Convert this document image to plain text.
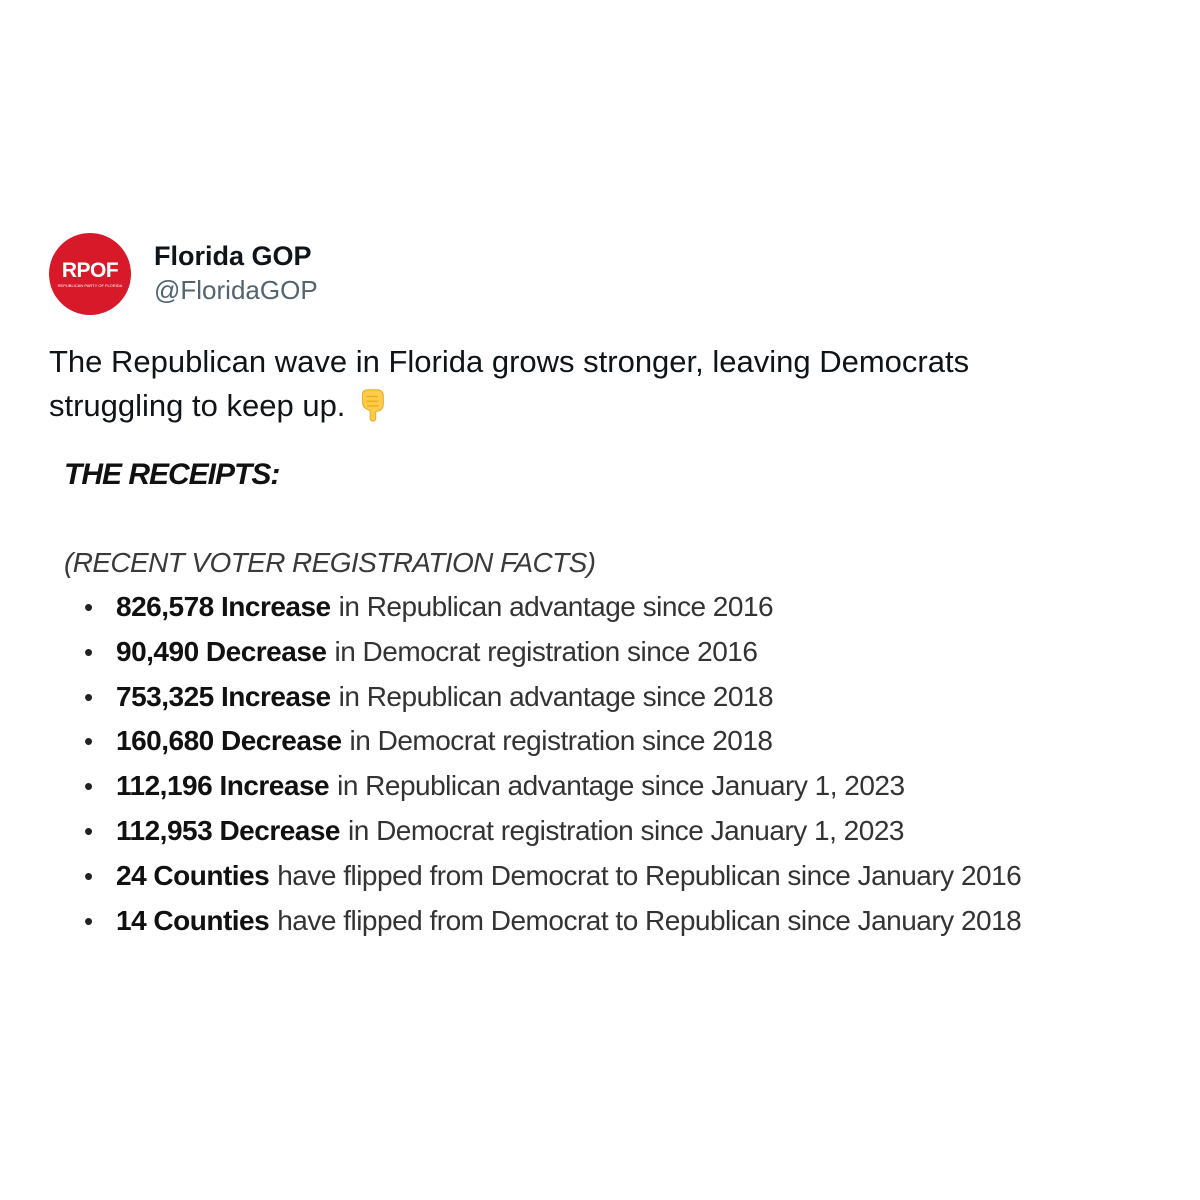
RPOF
REPUBLICAN PARTY OF FLORIDA
Florida GOP
@FloridaGOP
The Republican wave in Florida grows stronger, leaving Democrats struggling to keep up.
THE RECEIPTS:
(RECENT VOTER REGISTRATION FACTS)
• 826,578 Increase in Republican advantage since 2016
• 90,490 Decrease in Democrat registration since 2016
• 753,325 Increase in Republican advantage since 2018
• 160,680 Decrease in Democrat registration since 2018
• 112,196 Increase in Republican advantage since January 1, 2023
• 112,953 Decrease in Democrat registration since January 1, 2023
• 24 Counties have flipped from Democrat to Republican since January 2016
• 14 Counties have flipped from Democrat to Republican since January 2018
